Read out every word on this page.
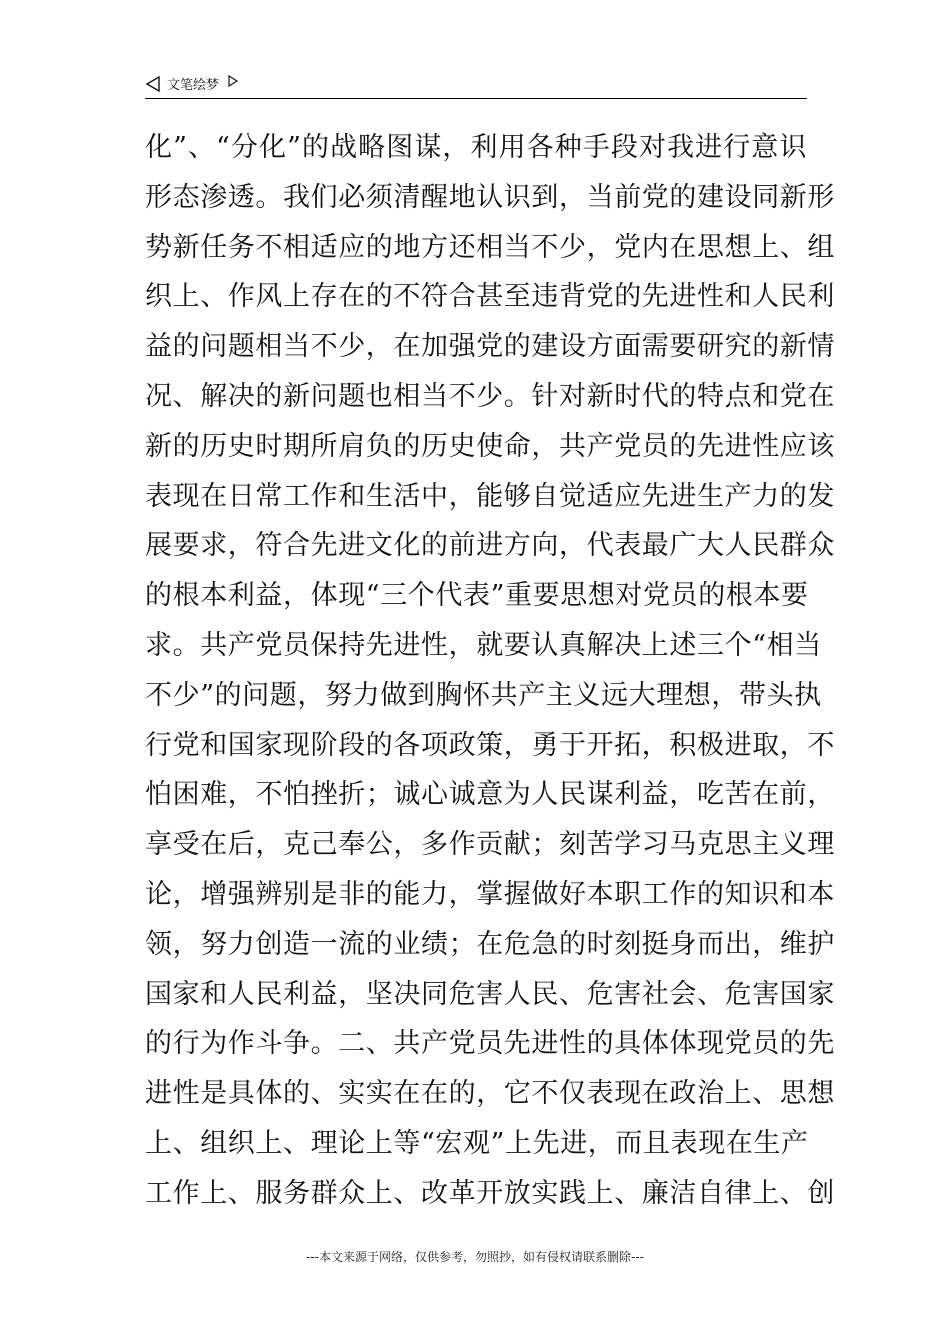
文笔绘梦
化”、“分化”的战略图谋，利用各种手段对我进行意识
形态渗透。我们必须清醒地认识到，当前党的建设同新形
势新任务不相适应的地方还相当不少，党内在思想上、组
织上、作风上存在的不符合甚至违背党的先进性和人民利
益的问题相当不少，在加强党的建设方面需要研究的新情
况、解决的新问题也相当不少。针对新时代的特点和党在
新的历史时期所肩负的历史使命，共产党员的先进性应该
表现在日常工作和生活中，能够自觉适应先进生产力的发
展要求，符合先进文化的前进方向，代表最广大人民群众
的根本利益，体现“三个代表”重要思想对党员的根本要
求。共产党员保持先进性，就要认真解决上述三个“相当
不少”的问题，努力做到胸怀共产主义远大理想，带头执
行党和国家现阶段的各项政策，勇于开拓，积极进取，不
怕困难，不怕挫折；诚心诚意为人民谋利益，吃苦在前，
享受在后，克己奉公，多作贡献；刻苦学习马克思主义理
论，增强辨别是非的能力，掌握做好本职工作的知识和本
领，努力创造一流的业绩；在危急的时刻挺身而出，维护
国家和人民利益，坚决同危害人民、危害社会、危害国家
的行为作斗争。二、共产党员先进性的具体体现党员的先
进性是具体的、实实在在的，它不仅表现在政治上、思想
上、组织上、理论上等“宏观”上先进，而且表现在生产
工作上、服务群众上、改革开放实践上、廉洁自律上、创
---本文来源于网络，仅供参考，勿照抄，如有侵权请联系删除---
